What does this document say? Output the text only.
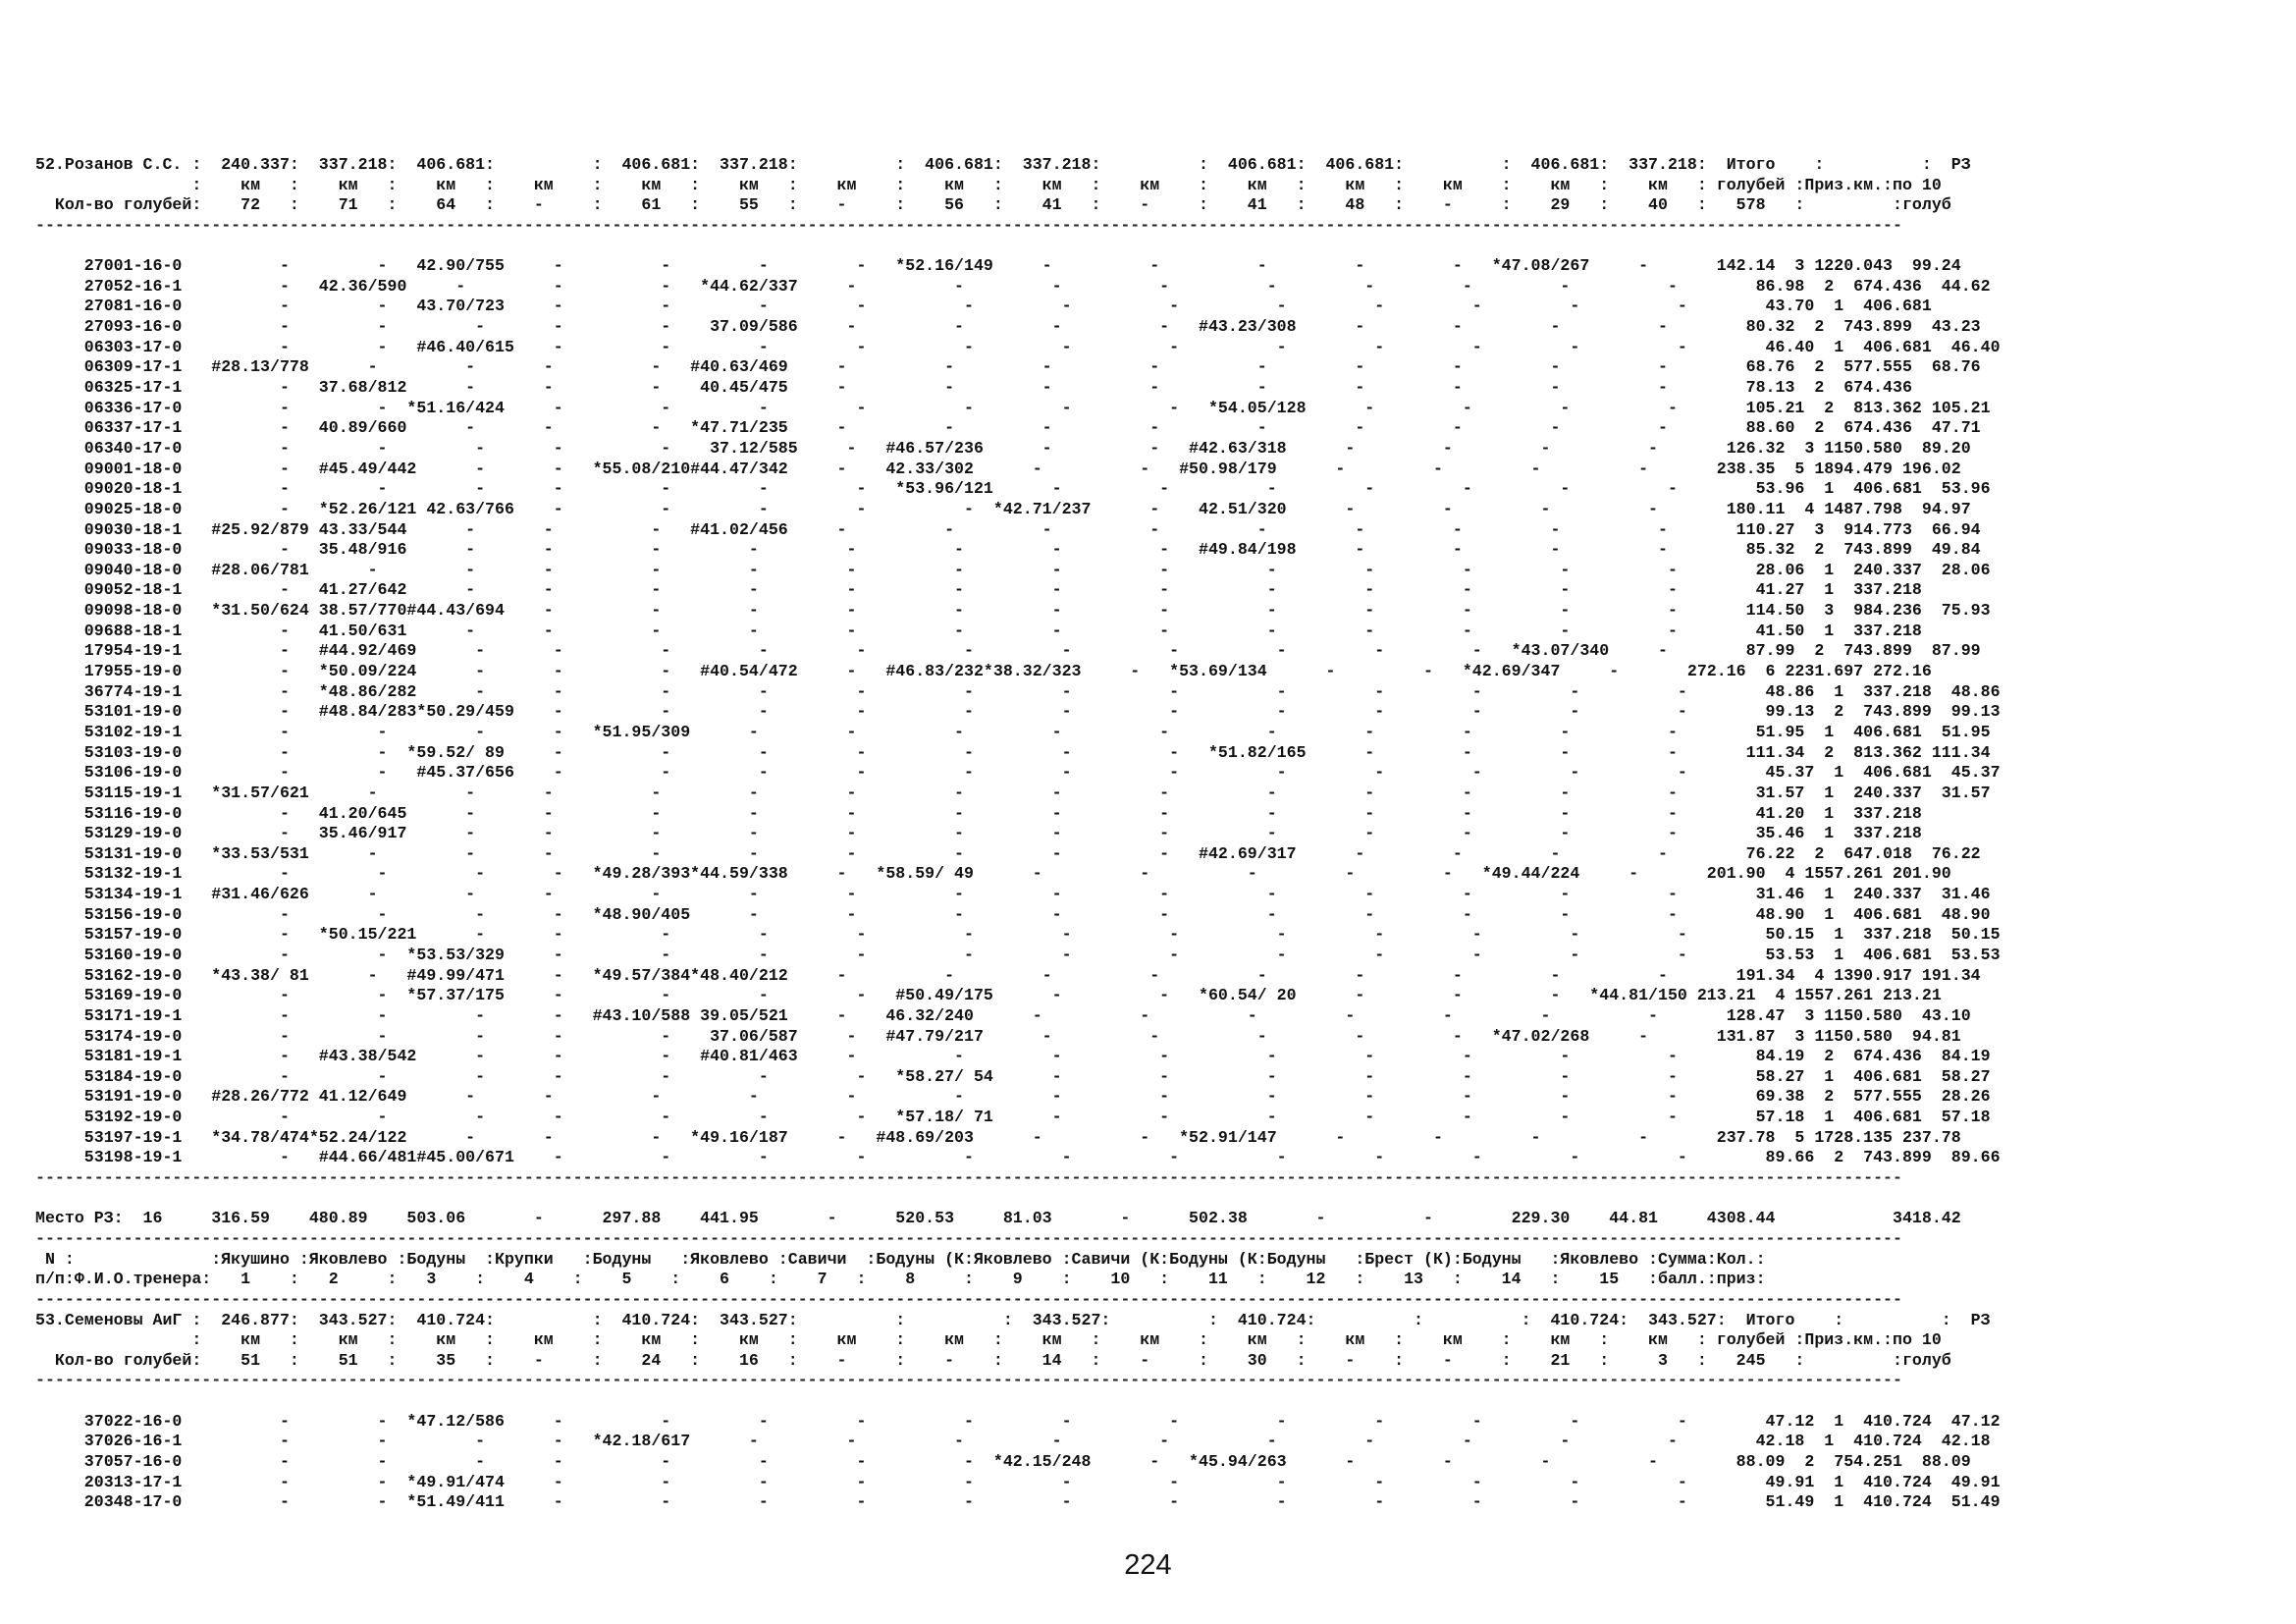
52.Розанов С.С. :  240.337:  337.218:  406.681:          :  406.681:  337.218:          :  406.681:  337.218:          :  406.681:  406.681:          :  406.681:  337.218:  Итого    :          :  РЗ
:    км   :    км   :    км   :    км    :    км   :    км   :    км    :    км   :    км   :    км    :    км   :    км   :    км    :    км   :    км   : голубей :Приз.км.:по 10
Кол-во голубей:    72   :    71   :    64   :    -     :    61   :    55   :    -     :    56   :    41   :    -     :    41   :    48   :    -     :    29   :    40   :   578   :         :голуб
-----------------------------------------------------------------------------------------------------------------------------------------------------------------------------------------------
27001-16-0          -         -   42.90/755     -          -         -         -   *52.16/149     -          -          -         -         -   *47.08/267     -       142.14  3 1220.043  99.24
27052-16-1          -   42.36/590     -         -          -   *44.62/337     -          -         -          -          -         -         -         -          -        86.98  2  674.436  44.62
27081-16-0          -         -   43.70/723     -          -         -         -          -         -          -          -         -         -         -          -        43.70  1  406.681
27093-16-0          -         -         -       -          -    37.09/586     -          -         -          -   #43.23/308      -         -         -          -        80.32  2  743.899  43.23
06303-17-0          -         -   #46.40/615    -          -         -         -          -         -          -          -         -         -         -          -        46.40  1  406.681  46.40
06309-17-1   #28.13/778      -         -       -          -   #40.63/469     -          -         -          -          -         -         -         -          -        68.76  2  577.555  68.76
06325-17-1          -   37.68/812      -       -          -    40.45/475     -          -         -          -          -         -         -         -          -        78.13  2  674.436
06336-17-0          -         -  *51.16/424     -          -         -         -          -         -          -   *54.05/128      -         -         -          -       105.21  2  813.362 105.21
06337-17-1          -   40.89/660      -       -          -   *47.71/235     -          -         -          -          -         -         -         -          -        88.60  2  674.436  47.71
06340-17-0          -         -         -       -          -    37.12/585     -   #46.57/236      -          -   #42.63/318      -         -         -          -       126.32  3 1150.580  89.20
09001-18-0          -   #45.49/442      -       -   *55.08/210#44.47/342     -    42.33/302      -          -   #50.98/179      -         -         -          -       238.35  5 1894.479 196.02
09020-18-1          -         -         -       -          -         -         -   *53.96/121      -          -          -         -         -         -          -        53.96  1  406.681  53.96
09025-18-0          -   *52.26/121 42.63/766    -          -         -         -          -  *42.71/237      -    42.51/320      -         -         -          -       180.11  4 1487.798  94.97
09030-18-1   #25.92/879 43.33/544      -       -          -   #41.02/456     -          -         -          -          -         -         -         -          -       110.27  3  914.773  66.94
09033-18-0          -   35.48/916      -       -          -         -         -          -         -          -   #49.84/198      -         -         -          -        85.32  2  743.899  49.84
09040-18-0   #28.06/781      -         -       -          -         -         -          -         -          -          -         -         -         -          -        28.06  1  240.337  28.06
09052-18-1          -   41.27/642      -       -          -         -         -          -         -          -          -         -         -         -          -        41.27  1  337.218
09098-18-0   *31.50/624 38.57/770#44.43/694    -          -         -         -          -         -          -          -         -         -         -          -       114.50  3  984.236  75.93
09688-18-1          -   41.50/631      -       -          -         -         -          -         -          -          -         -         -         -          -        41.50  1  337.218
17954-19-1          -   #44.92/469      -       -          -         -         -          -         -          -          -         -         -   *43.07/340     -        87.99  2  743.899  87.99
17955-19-0          -   *50.09/224      -       -          -   #40.54/472     -   #46.83/232*38.32/323     -   *53.69/134      -         -   *42.69/347     -       272.16  6 2231.697 272.16
36774-19-1          -   *48.86/282      -       -          -         -         -          -         -          -          -         -         -         -          -        48.86  1  337.218  48.86
53101-19-0          -   #48.84/283*50.29/459    -          -         -         -          -         -          -          -         -         -         -          -        99.13  2  743.899  99.13
53102-19-1          -         -         -       -   *51.95/309      -         -          -         -          -          -         -         -         -          -        51.95  1  406.681  51.95
53103-19-0          -         -  *59.52/ 89     -          -         -         -          -         -          -   *51.82/165      -         -         -          -       111.34  2  813.362 111.34
53106-19-0          -         -   #45.37/656    -          -         -         -          -         -          -          -         -         -         -          -        45.37  1  406.681  45.37
53115-19-1   *31.57/621      -         -       -          -         -         -          -         -          -          -         -         -         -          -        31.57  1  240.337  31.57
53116-19-0          -   41.20/645      -       -          -         -         -          -         -          -          -         -         -         -          -        41.20  1  337.218
53129-19-0          -   35.46/917      -       -          -         -         -          -         -          -          -         -         -         -          -        35.46  1  337.218
53131-19-0   *33.53/531      -         -       -          -         -         -          -         -          -   #42.69/317      -         -         -          -        76.22  2  647.018  76.22
53132-19-1          -         -         -       -   *49.28/393*44.59/338     -   *58.59/ 49      -          -          -         -         -   *49.44/224     -       201.90  4 1557.261 201.90
53134-19-1   #31.46/626      -         -       -          -         -         -          -         -          -          -         -         -         -          -        31.46  1  240.337  31.46
53156-19-0          -         -         -       -   *48.90/405      -         -          -         -          -          -         -         -         -          -        48.90  1  406.681  48.90
53157-19-0          -   *50.15/221      -       -          -         -         -          -         -          -          -         -         -         -          -        50.15  1  337.218  50.15
53160-19-0          -         -  *53.53/329     -          -         -         -          -         -          -          -         -         -         -          -        53.53  1  406.681  53.53
53162-19-0   *43.38/ 81      -   #49.99/471     -   *49.57/384*48.40/212     -          -         -          -          -         -         -         -          -       191.34  4 1390.917 191.34
53169-19-0          -         -  *57.37/175     -          -         -         -   #50.49/175      -          -   *60.54/ 20      -         -         -   *44.81/150 213.21  4 1557.261 213.21
53171-19-1          -         -         -       -   #43.10/588 39.05/521     -    46.32/240      -          -          -         -         -         -          -       128.47  3 1150.580  43.10
53174-19-0          -         -         -       -          -    37.06/587     -   #47.79/217      -          -          -         -         -   *47.02/268     -       131.87  3 1150.580  94.81
53181-19-1          -   #43.38/542      -       -          -   #40.81/463     -          -         -          -          -         -         -         -          -        84.19  2  674.436  84.19
53184-19-0          -         -         -       -          -         -         -   *58.27/ 54      -          -          -         -         -         -          -        58.27  1  406.681  58.27
53191-19-0   #28.26/772 41.12/649      -       -          -         -         -          -         -          -          -         -         -         -          -        69.38  2  577.555  28.26
53192-19-0          -         -         -       -          -         -         -   *57.18/ 71      -          -          -         -         -         -          -        57.18  1  406.681  57.18
53197-19-1   *34.78/474*52.24/122      -       -          -   *49.16/187     -   #48.69/203      -          -   *52.91/147      -         -         -          -       237.78  5 1728.135 237.78
53198-19-1          -   #44.66/481#45.00/671    -          -         -         -          -         -          -          -         -         -         -          -        89.66  2  743.899  89.66
-----------------------------------------------------------------------------------------------------------------------------------------------------------------------------------------------
Место РЗ:  16     316.59    480.89    503.06       -      297.88    441.95       -      520.53     81.03       -      502.38       -          -        229.30    44.81     4308.44            3418.42
-----------------------------------------------------------------------------------------------------------------------------------------------------------------------------------------------
N :              :Якушино :Яковлево :Бодуны  :Крупки   :Бодуны   :Яковлево :Савичи  :Бодуны (К:Яковлево :Савичи (К:Бодуны (К:Бодуны   :Брест (К):Бодуны   :Яковлево :Сумма:Кол.:
п/п:Ф.И.О.тренера:   1    :   2     :   3    :    4    :    5    :    6    :    7   :    8     :    9    :    10   :    11   :    12   :    13   :    14   :    15   :балл.:приз:
-----------------------------------------------------------------------------------------------------------------------------------------------------------------------------------------------
53.Семеновы АиГ :  246.877:  343.527:  410.724:          :  410.724:  343.527:          :          :  343.527:          :  410.724:          :          :  410.724:  343.527:  Итого    :          :  РЗ
:    км   :    км   :    км   :    км    :    км   :    км   :    км    :    км   :    км   :    км    :    км   :    км   :    км    :    км   :    км   : голубей :Приз.км.:по 10
Кол-во голубей:    51   :    51   :    35   :    -     :    24   :    16   :    -     :    -    :    14   :    -     :    30   :    -    :    -     :    21   :     3   :   245   :         :голуб
-----------------------------------------------------------------------------------------------------------------------------------------------------------------------------------------------
37022-16-0          -         -  *47.12/586     -          -         -         -          -         -          -          -         -         -         -          -        47.12  1  410.724  47.12
37026-16-1          -         -         -       -   *42.18/617      -         -          -         -          -          -         -         -         -          -        42.18  1  410.724  42.18
37057-16-0          -         -         -       -          -         -         -          -  *42.15/248      -   *45.94/263      -         -         -          -        88.09  2  754.251  88.09
20313-17-1          -         -  *49.91/474     -          -         -         -          -         -          -          -         -         -         -          -        49.91  1  410.724  49.91
20348-17-0          -         -  *51.49/411     -          -         -         -          -         -          -          -         -         -         -          -        51.49  1  410.724  51.49
224
